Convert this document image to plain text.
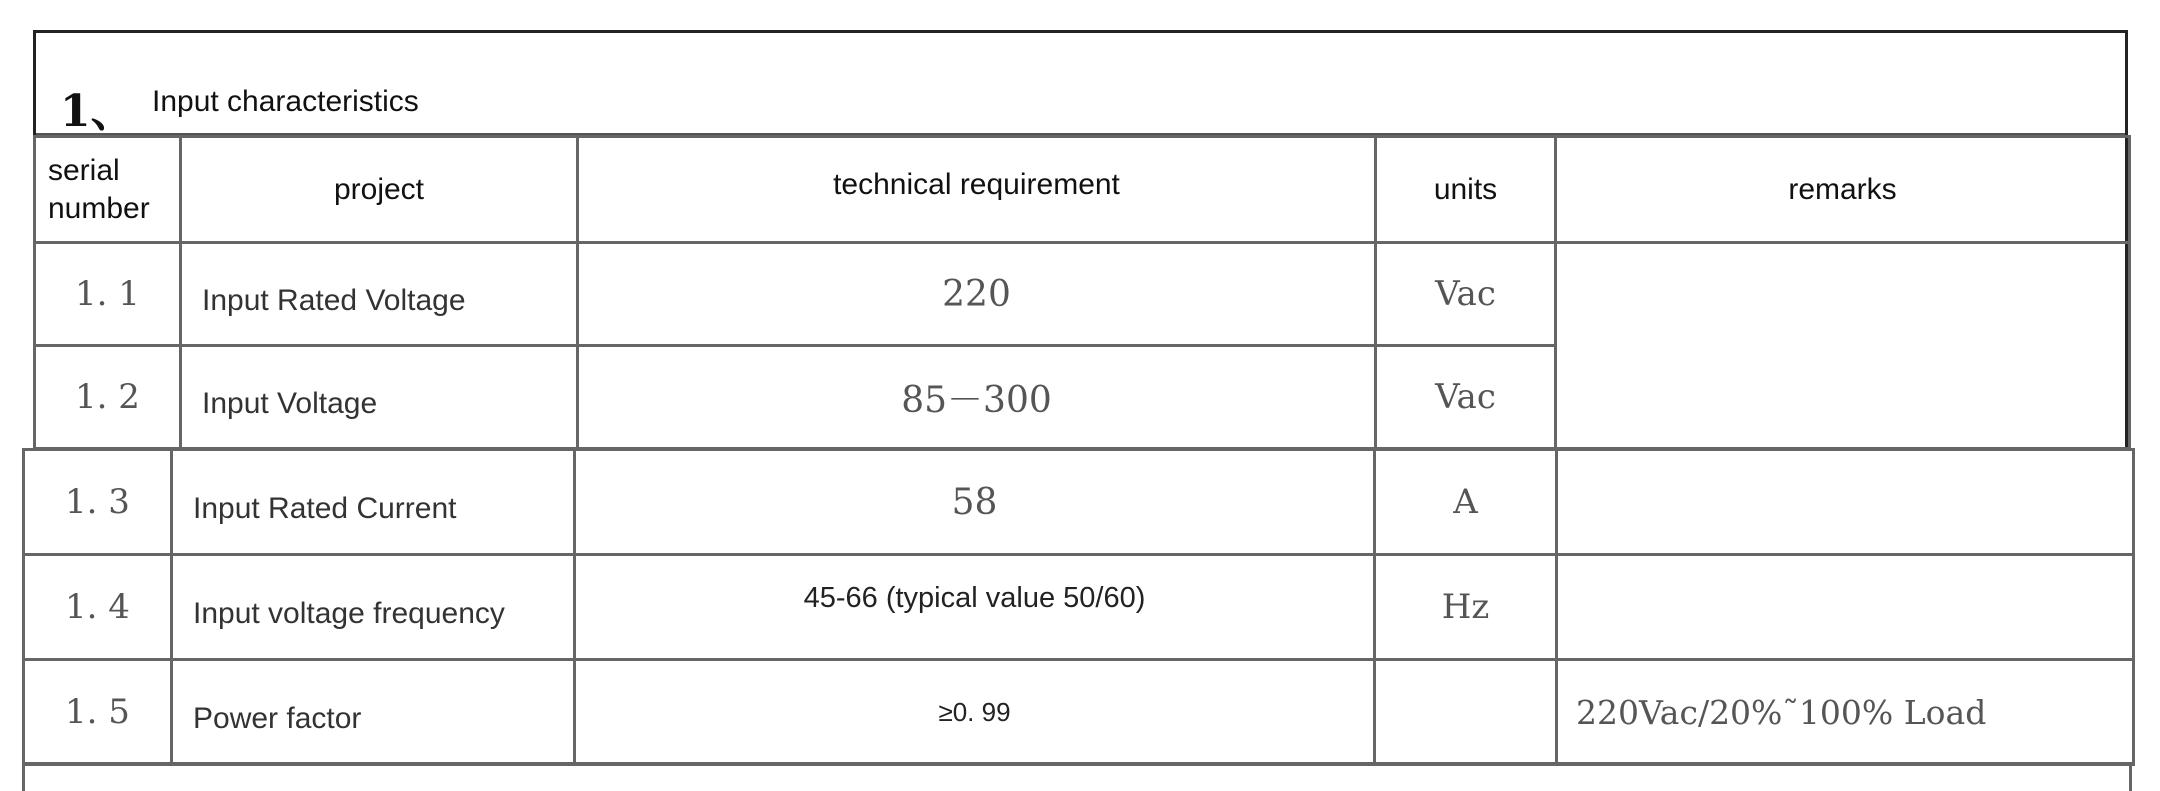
1、 Input characteristics
serial
number	project	technical requirement	units	remarks
1. 1	Input Rated Voltage	220	Vac	
1. 2	Input Voltage	85－300	Vac	
1. 3	Input Rated Current	58	A	
1. 4	Input voltage frequency	45-66 (typical value 50/60)	Hz	
1. 5	Power factor	≥0. 99		220Vac/20%˜100% Load
